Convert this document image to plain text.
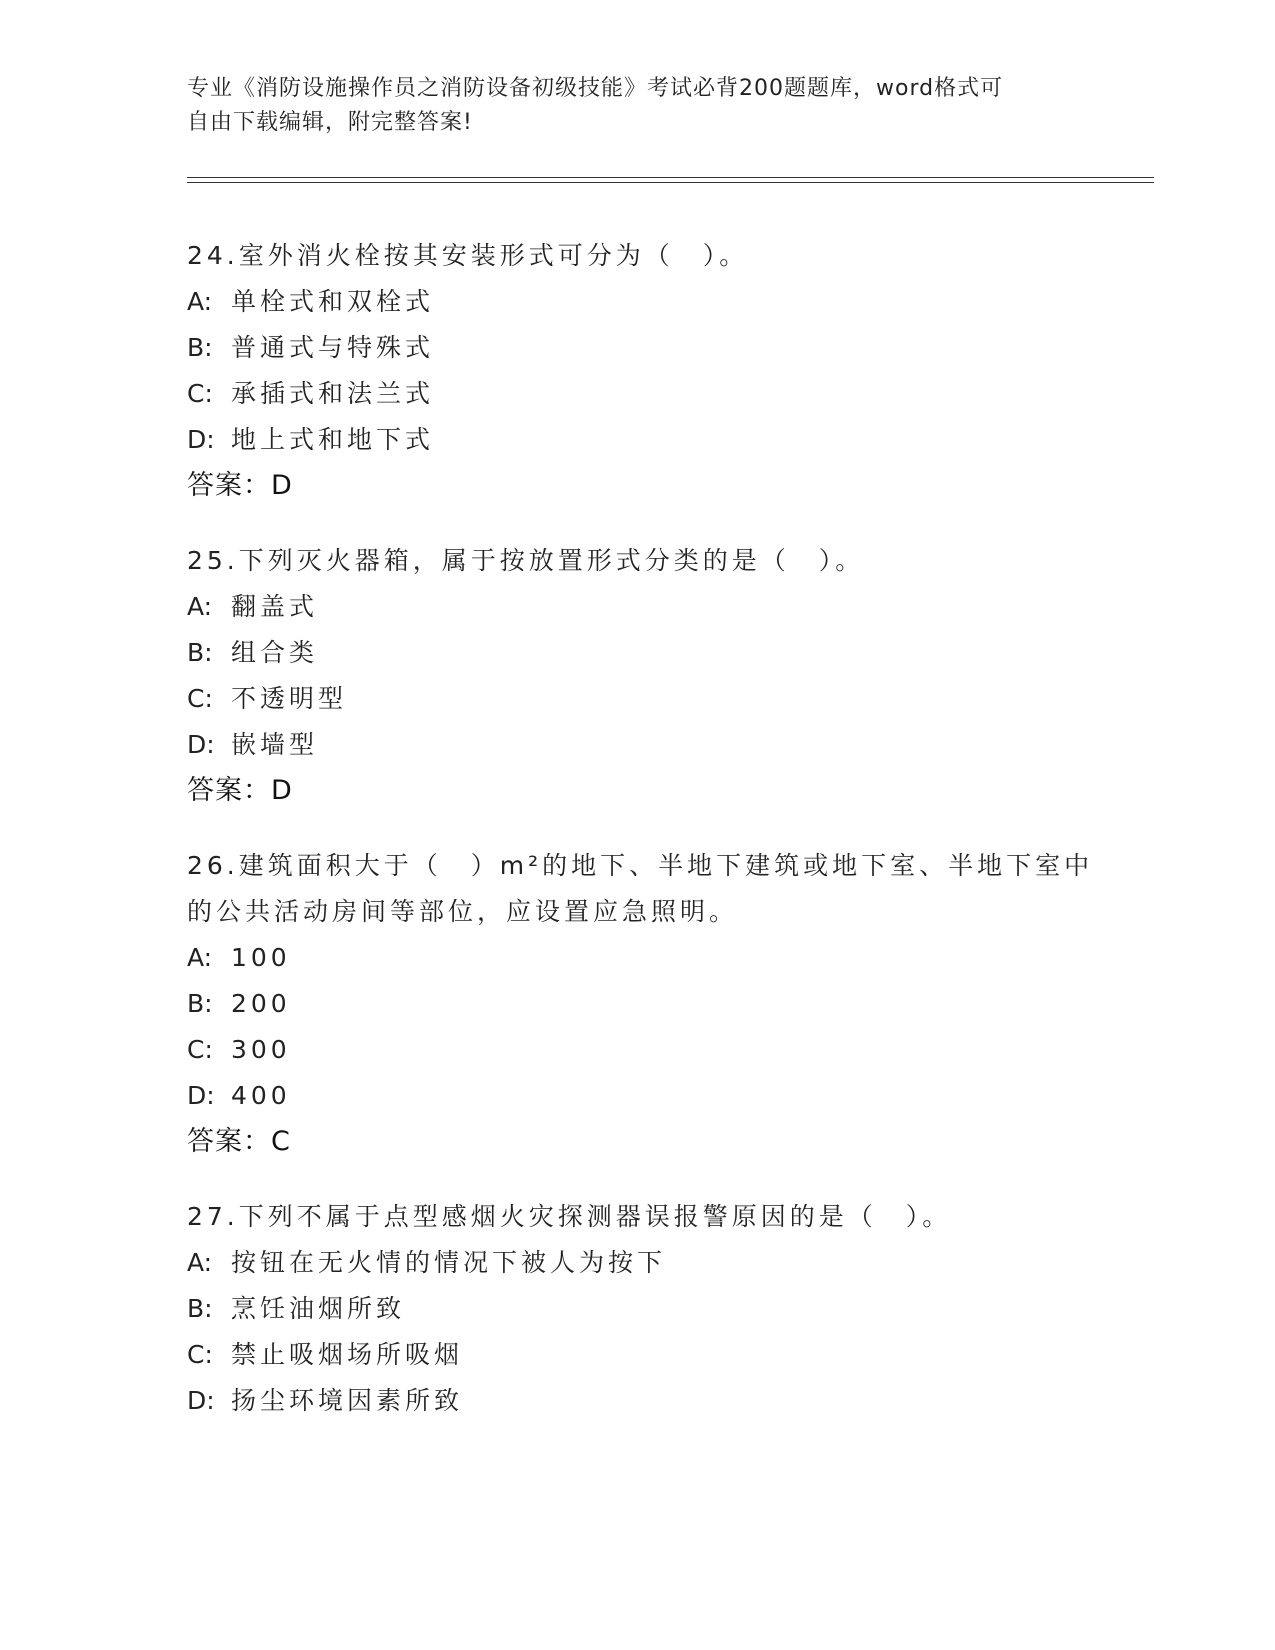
专业《消防设施操作员之消防设备初级技能》考试必背200题题库，word格式可
自由下载编辑，附完整答案!
24.室外消火栓按其安装形式可分为（　）。
A: 单栓式和双栓式
B: 普通式与特殊式
C: 承插式和法兰式
D: 地上式和地下式
答案：D
25.下列灭火器箱，属于按放置形式分类的是（　）。
A: 翻盖式
B: 组合类
C: 不透明型
D: 嵌墙型
答案：D
26.建筑面积大于（　）m²的地下、半地下建筑或地下室、半地下室中
的公共活动房间等部位，应设置应急照明。
A: 100
B: 200
C: 300
D: 400
答案：C
27.下列不属于点型感烟火灾探测器误报警原因的是（　）。
A: 按钮在无火情的情况下被人为按下
B: 烹饪油烟所致
C: 禁止吸烟场所吸烟
D: 扬尘环境因素所致
